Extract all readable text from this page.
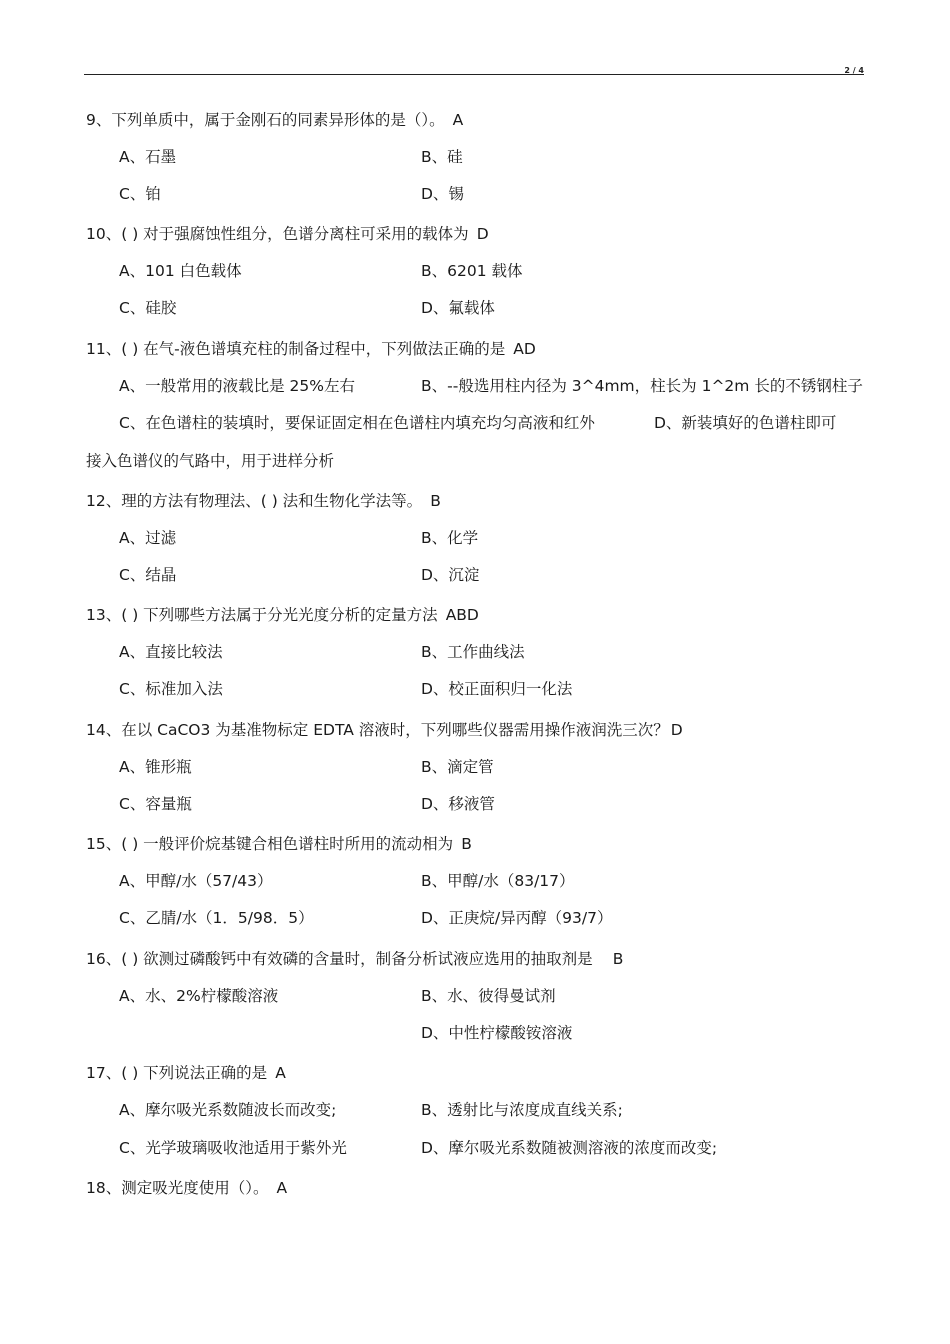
2 / 4
9、下列单质中，属于金刚石的同素异形体的是（）。 A
A、石墨	B、硅
C、铂	D、锡
10、( ) 对于强腐蚀性组分，色谱分离柱可采用的载体为 D
A、101 白色载体	B、6201 载体
C、硅胶	D、氟载体
11、( ) 在气-液色谱填充柱的制备过程中，下列做法正确的是 AD
A、一般常用的液载比是 25%左右	B、--般选用柱内径为 3^4mm，柱长为 1^2m 长的不锈钢柱子
C、在色谱柱的装填时，要保证固定相在色谱柱内填充均匀高液和红外	D、新装填好的色谱柱即可
接入色谱仪的气路中，用于进样分析
12、理的方法有物理法、( ) 法和生物化学法等。 B
A、过滤	B、化学
C、结晶	D、沉淀
13、( ) 下列哪些方法属于分光光度分析的定量方法 ABD
A、直接比较法	B、工作曲线法
C、标准加入法	D、校正面积归一化法
14、在以 CaCO3 为基准物标定 EDTA 溶液时，下列哪些仪器需用操作液润洗三次？ D
A、锥形瓶	B、滴定管
C、容量瓶	D、移液管
15、( ) 一般评价烷基键合相色谱柱时所用的流动相为 B
A、甲醇/水（57/43）	B、甲醇/水（83/17）
C、乙腈/水（1．5/98．5）	D、正庚烷/异丙醇（93/7）
16、( ) 欲测过磷酸钙中有效磷的含量时，制备分析试液应选用的抽取剂是 B
A、水、2%柠檬酸溶液	B、水、彼得曼试剂
D、中性柠檬酸铵溶液
17、( ) 下列说法正确的是 A
A、摩尔吸光系数随波长而改变;	B、透射比与浓度成直线关系;
C、光学玻璃吸收池适用于紫外光	D、摩尔吸光系数随被测溶液的浓度而改变;
18、测定吸光度使用（）。 A
